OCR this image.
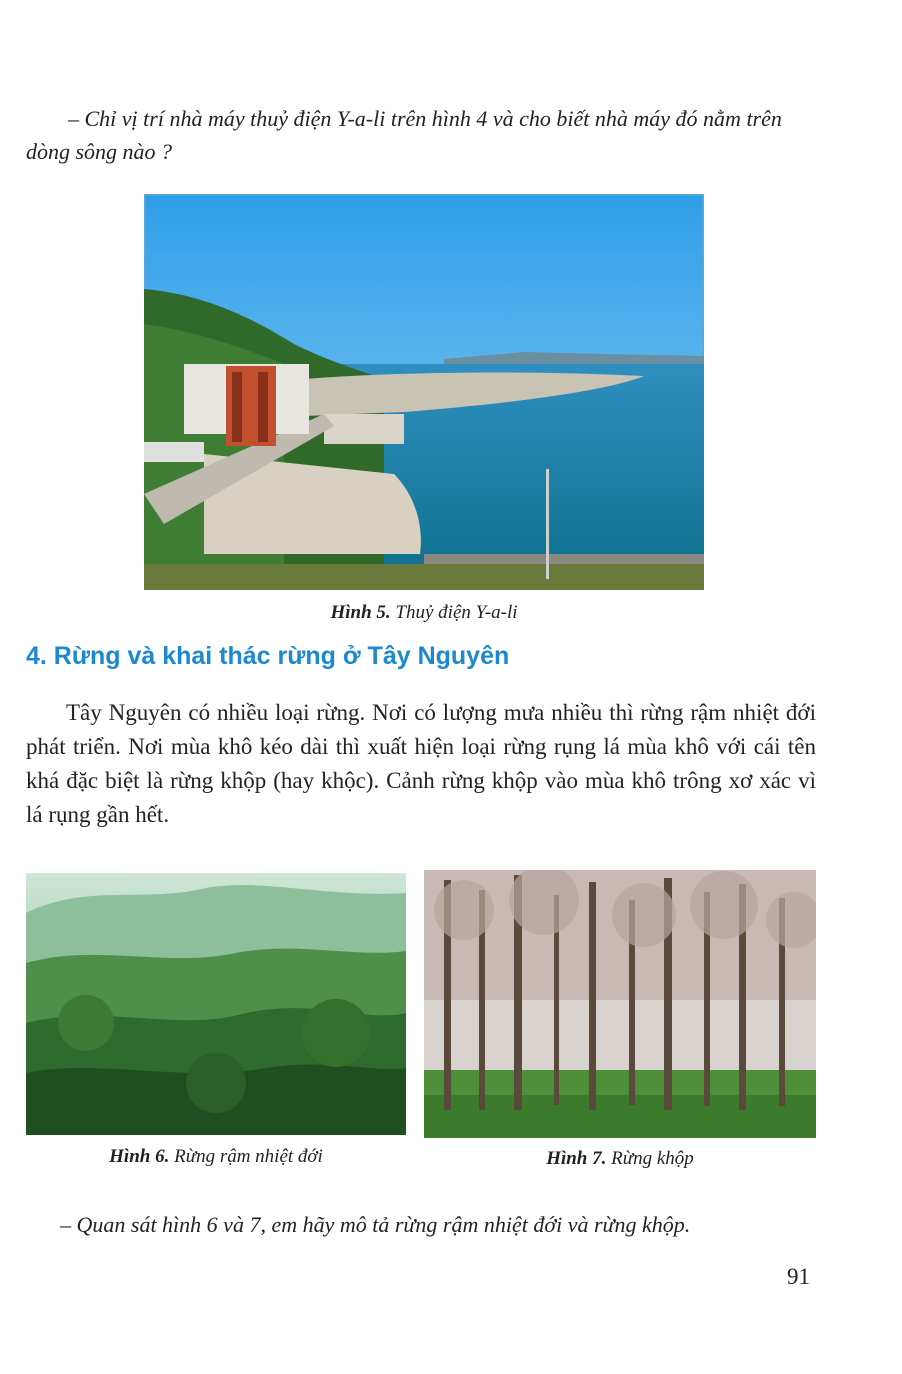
– Chỉ vị trí nhà máy thuỷ điện Y-a-li trên hình 4 và cho biết nhà máy đó nằm trên dòng sông nào ?
Hình 5. Thuỷ điện Y-a-li
4. Rừng và khai thác rừng ở Tây Nguyên

Tây Nguyên có nhiều loại rừng. Nơi có lượng mưa nhiều thì rừng rậm nhiệt đới phát triển. Nơi mùa khô kéo dài thì xuất hiện loại rừng rụng lá mùa khô với cái tên khá đặc biệt là rừng khộp (hay khộc). Cảnh rừng khộp vào mùa khô trông xơ xác vì lá rụng gần hết.

Hình 6. Rừng rậm nhiệt đới	Hình 7. Rừng khộp
– Quan sát hình 6 và 7, em hãy mô tả rừng rậm nhiệt đới và rừng khộp.
91
